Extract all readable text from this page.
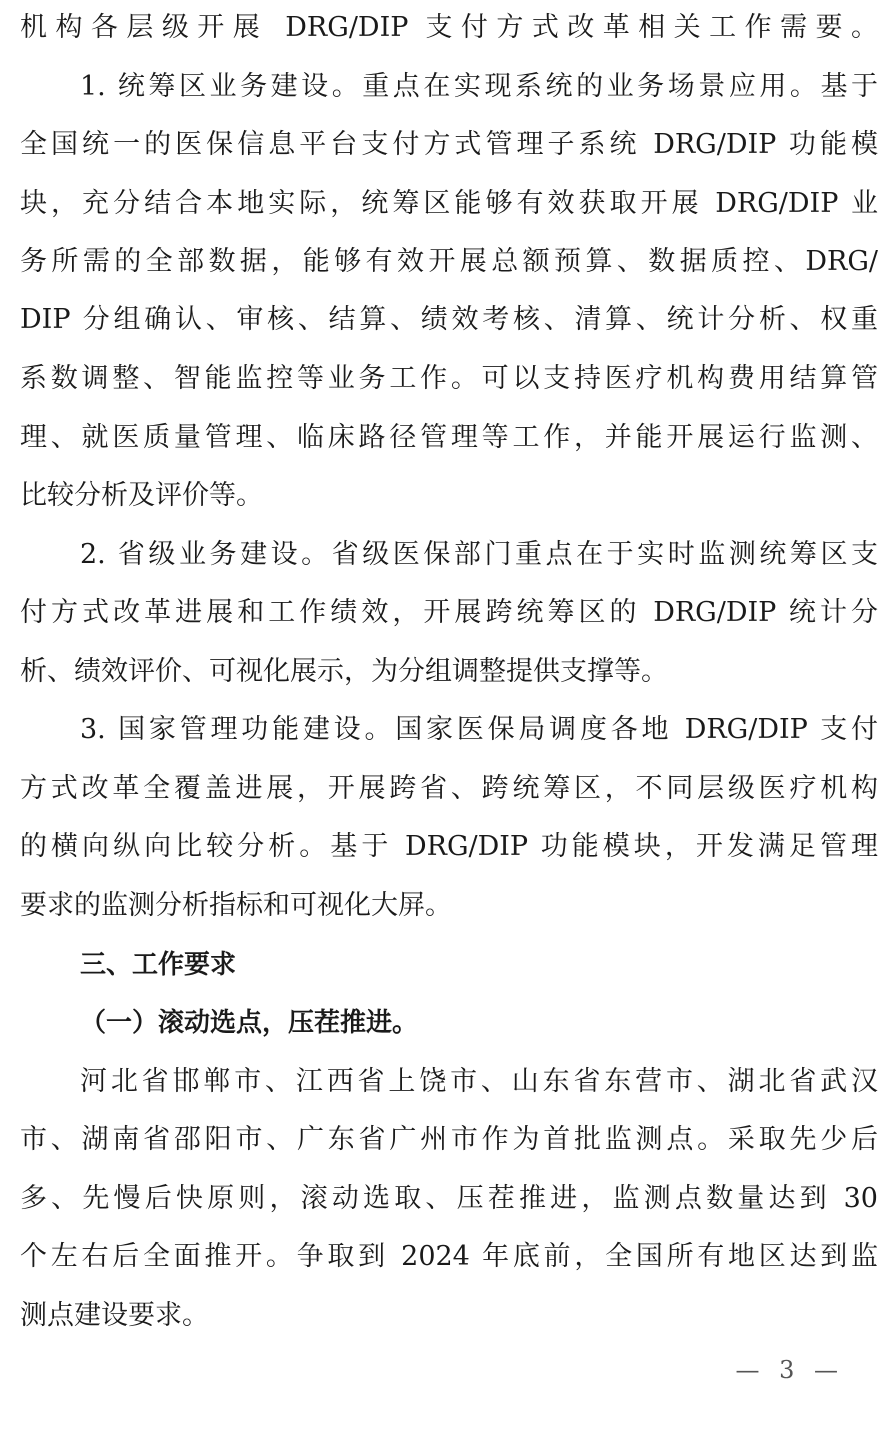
机构各层级开展 DRG/DIP 支付方式改革相关工作需要。
1. 统筹区业务建设。重点在实现系统的业务场景应用。基于
全国统一的医保信息平台支付方式管理子系统 DRG/DIP 功能模
块，充分结合本地实际，统筹区能够有效获取开展 DRG/DIP 业
务所需的全部数据，能够有效开展总额预算、数据质控、DRG/
DIP 分组确认、审核、结算、绩效考核、清算、统计分析、权重
系数调整、智能监控等业务工作。可以支持医疗机构费用结算管
理、就医质量管理、临床路径管理等工作，并能开展运行监测、
比较分析及评价等。
2. 省级业务建设。省级医保部门重点在于实时监测统筹区支
付方式改革进展和工作绩效，开展跨统筹区的 DRG/DIP 统计分
析、绩效评价、可视化展示，为分组调整提供支撑等。
3. 国家管理功能建设。国家医保局调度各地 DRG/DIP 支付
方式改革全覆盖进展，开展跨省、跨统筹区，不同层级医疗机构
的横向纵向比较分析。基于 DRG/DIP 功能模块，开发满足管理
要求的监测分析指标和可视化大屏。
三、工作要求
（一）滚动选点，压茬推进。
河北省邯郸市、江西省上饶市、山东省东营市、湖北省武汉
市、湖南省邵阳市、广东省广州市作为首批监测点。采取先少后
多、先慢后快原则，滚动选取、压茬推进，监测点数量达到 30
个左右后全面推开。争取到 2024 年底前，全国所有地区达到监
测点建设要求。
— 3 —
